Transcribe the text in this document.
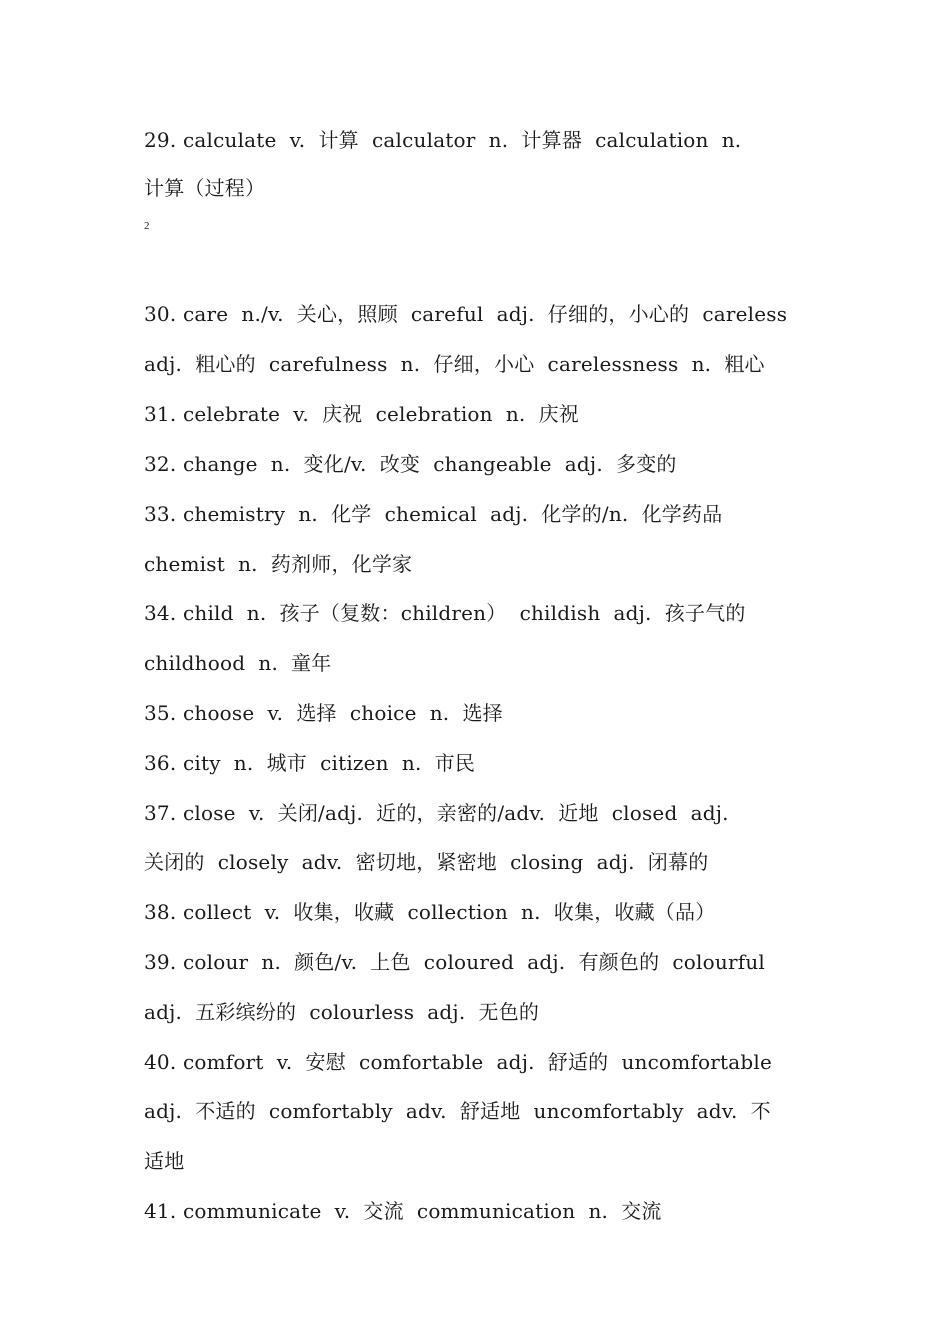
29. calculate  v.  计算  calculator  n.  计算器  calculation  n.
计算（过程）
2
30. care  n./v.  关心，照顾  careful  adj.  仔细的，小心的  careless
adj.  粗心的  carefulness  n.  仔细，小心  carelessness  n.  粗心
31. celebrate  v.  庆祝  celebration  n.  庆祝
32. change  n.  变化/v.  改变  changeable  adj.  多变的
33. chemistry  n.  化学  chemical  adj.  化学的/n.  化学药品
chemist  n.  药剂师，化学家
34. child  n.  孩子（复数：children）  childish  adj.  孩子气的
childhood  n.  童年
35. choose  v.  选择  choice  n.  选择
36. city  n.  城市  citizen  n.  市民
37. close  v.  关闭/adj.  近的，亲密的/adv.  近地  closed  adj.
关闭的  closely  adv.  密切地，紧密地  closing  adj.  闭幕的
38. collect  v.  收集，收藏  collection  n.  收集，收藏（品）
39. colour  n.  颜色/v.  上色  coloured  adj.  有颜色的  colourful
adj.  五彩缤纷的  colourless  adj.  无色的
40. comfort  v.  安慰  comfortable  adj.  舒适的  uncomfortable
adj.  不适的  comfortably  adv.  舒适地  uncomfortably  adv.  不
适地
41. communicate  v.  交流  communication  n.  交流
